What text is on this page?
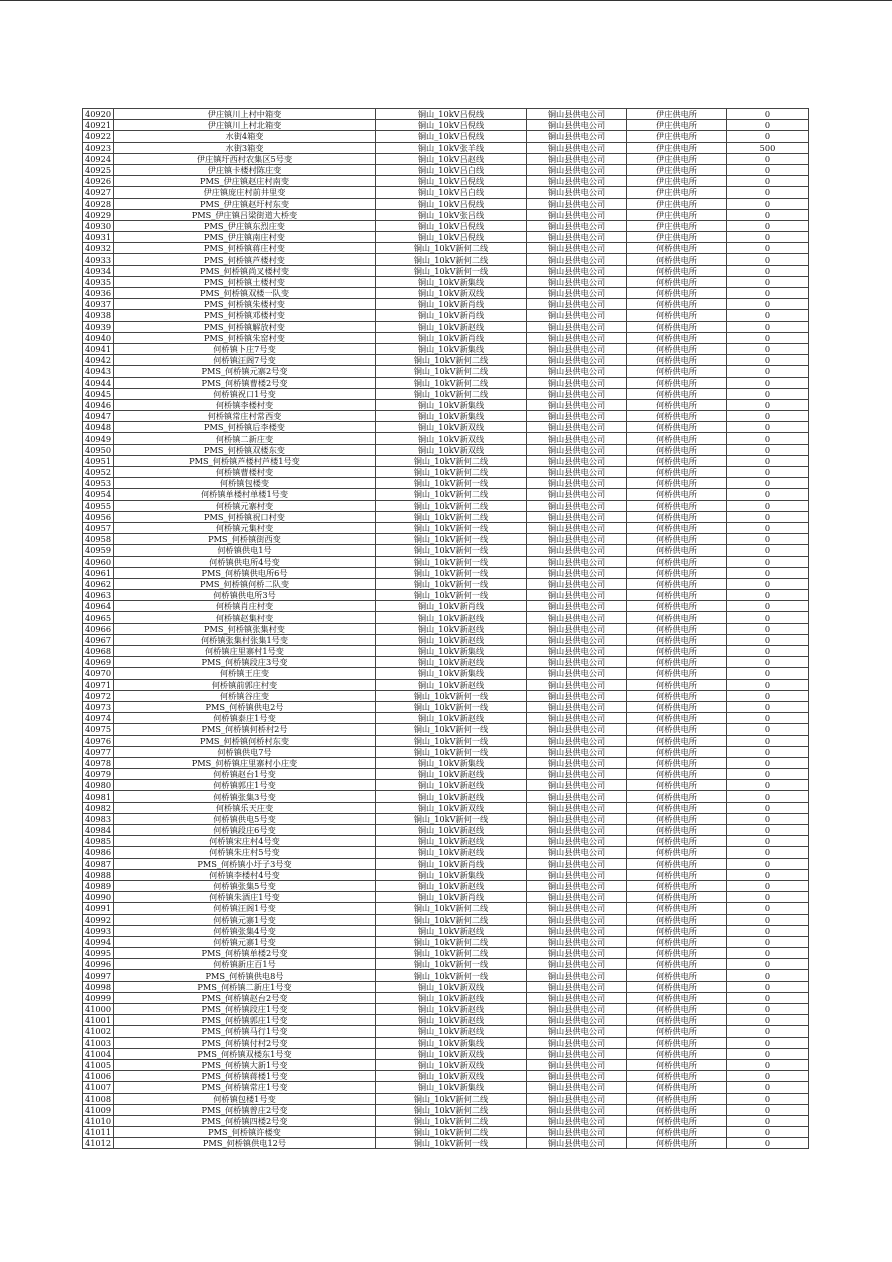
40920	伊庄镇川上村中箱变	铜山_10kV吕倪线	铜山县供电公司	伊庄供电所	0
40921	伊庄镇川上村北箱变	铜山_10kV吕倪线	铜山县供电公司	伊庄供电所	0
40922	水街4箱变	铜山_10kV吕倪线	铜山县供电公司	伊庄供电所	0
40923	水街3箱变	铜山_10kV张羊线	铜山县供电公司	伊庄供电所	500
40924	伊庄镇圩西村农集区5号变	铜山_10kV吕赵线	铜山县供电公司	伊庄供电所	0
40925	伊庄镇卡楼村陈庄变	铜山_10kV吕白线	铜山县供电公司	伊庄供电所	0
40926	PMS_伊庄镇赵庄村南变	铜山_10kV吕倪线	铜山县供电公司	伊庄供电所	0
40927	伊庄镇庞庄村前井里变	铜山_10kV吕白线	铜山县供电公司	伊庄供电所	0
40928	PMS_伊庄镇赵圩村东变	铜山_10kV吕倪线	铜山县供电公司	伊庄供电所	0
40929	PMS_伊庄镇吕梁街道大桥变	铜山_10kV张吕线	铜山县供电公司	伊庄供电所	0
40930	PMS_伊庄镇东烈庄变	铜山_10kV吕倪线	铜山县供电公司	伊庄供电所	0
40931	PMS_伊庄镇南庄村变	铜山_10kV吕倪线	铜山县供电公司	伊庄供电所	0
40932	PMS_何桥镇蒋庄村变	铜山_10kV新何二线	铜山县供电公司	何桥供电所	0
40933	PMS_何桥镇芦楼村变	铜山_10kV新何二线	铜山县供电公司	何桥供电所	0
40934	PMS_何桥镇尚叉楼村变	铜山_10kV新何一线	铜山县供电公司	何桥供电所	0
40935	PMS_何桥镇土楼村变	铜山_10kV新集线	铜山县供电公司	何桥供电所	0
40936	PMS_何桥镇双楼一队变	铜山_10kV新双线	铜山县供电公司	何桥供电所	0
40937	PMS_何桥镇朱楼村变	铜山_10kV新肖线	铜山县供电公司	何桥供电所	0
40938	PMS_何桥镇邓楼村变	铜山_10kV新肖线	铜山县供电公司	何桥供电所	0
40939	PMS_何桥镇解放村变	铜山_10kV新赵线	铜山县供电公司	何桥供电所	0
40940	PMS_何桥镇朱窑村变	铜山_10kV新肖线	铜山县供电公司	何桥供电所	0
40941	何桥镇卜庄7号变	铜山_10kV新集线	铜山县供电公司	何桥供电所	0
40942	何桥镇汪阁7号变	铜山_10kV新何二线	铜山县供电公司	何桥供电所	0
40943	PMS_何桥镇元寨2号变	铜山_10kV新何二线	铜山县供电公司	何桥供电所	0
40944	PMS_何桥镇曹楼2号变	铜山_10kV新何二线	铜山县供电公司	何桥供电所	0
40945	何桥镇祝口1号变	铜山_10kV新何二线	铜山县供电公司	何桥供电所	0
40946	何桥镇李楼村变	铜山_10kV新集线	铜山县供电公司	何桥供电所	0
40947	何桥镇常庄村常西变	铜山_10kV新集线	铜山县供电公司	何桥供电所	0
40948	PMS_何桥镇后李楼变	铜山_10kV新双线	铜山县供电公司	何桥供电所	0
40949	何桥镇二新庄变	铜山_10kV新双线	铜山县供电公司	何桥供电所	0
40950	PMS_何桥镇双楼东变	铜山_10kV新双线	铜山县供电公司	何桥供电所	0
40951	PMS_何桥镇芦楼村芦楼1号变	铜山_10kV新何二线	铜山县供电公司	何桥供电所	0
40952	何桥镇曹楼村变	铜山_10kV新何二线	铜山县供电公司	何桥供电所	0
40953	何桥镇包楼变	铜山_10kV新何一线	铜山县供电公司	何桥供电所	0
40954	何桥镇单楼村单楼1号变	铜山_10kV新何二线	铜山县供电公司	何桥供电所	0
40955	何桥镇元寨村变	铜山_10kV新何二线	铜山县供电公司	何桥供电所	0
40956	PMS_何桥镇祝口村变	铜山_10kV新何二线	铜山县供电公司	何桥供电所	0
40957	何桥镇元集村变	铜山_10kV新何一线	铜山县供电公司	何桥供电所	0
40958	PMS_何桥镇街西变	铜山_10kV新何一线	铜山县供电公司	何桥供电所	0
40959	何桥镇供电1号	铜山_10kV新何一线	铜山县供电公司	何桥供电所	0
40960	何桥镇供电所4号变	铜山_10kV新何一线	铜山县供电公司	何桥供电所	0
40961	PMS_何桥镇供电所6号	铜山_10kV新何一线	铜山县供电公司	何桥供电所	0
40962	PMS_何桥镇何桥二队变	铜山_10kV新何一线	铜山县供电公司	何桥供电所	0
40963	何桥镇供电所3号	铜山_10kV新何一线	铜山县供电公司	何桥供电所	0
40964	何桥镇肖庄村变	铜山_10kV新肖线	铜山县供电公司	何桥供电所	0
40965	何桥镇赵集村变	铜山_10kV新赵线	铜山县供电公司	何桥供电所	0
40966	PMS_何桥镇张集村变	铜山_10kV新赵线	铜山县供电公司	何桥供电所	0
40967	何桥镇张集村张集1号变	铜山_10kV新赵线	铜山县供电公司	何桥供电所	0
40968	何桥镇庄里寨村1号变	铜山_10kV新集线	铜山县供电公司	何桥供电所	0
40969	PMS_何桥镇段庄3号变	铜山_10kV新赵线	铜山县供电公司	何桥供电所	0
40970	何桥镇王庄变	铜山_10kV新集线	铜山县供电公司	何桥供电所	0
40971	何桥镇前郭庄村变	铜山_10kV新赵线	铜山县供电公司	何桥供电所	0
40972	何桥镇谷庄变	铜山_10kV新何一线	铜山县供电公司	何桥供电所	0
40973	PMS_何桥镇供电2号	铜山_10kV新何一线	铜山县供电公司	何桥供电所	0
40974	何桥镇泰庄1号变	铜山_10kV新赵线	铜山县供电公司	何桥供电所	0
40975	PMS_何桥镇何桥村2号	铜山_10kV新何一线	铜山县供电公司	何桥供电所	0
40976	PMS_何桥镇何桥村东变	铜山_10kV新何一线	铜山县供电公司	何桥供电所	0
40977	何桥镇供电7号	铜山_10kV新何一线	铜山县供电公司	何桥供电所	0
40978	PMS_何桥镇庄里寨村小庄变	铜山_10kV新集线	铜山县供电公司	何桥供电所	0
40979	何桥镇赵台1号变	铜山_10kV新赵线	铜山县供电公司	何桥供电所	0
40980	何桥镇郭庄1号变	铜山_10kV新赵线	铜山县供电公司	何桥供电所	0
40981	何桥镇张集3号变	铜山_10kV新赵线	铜山县供电公司	何桥供电所	0
40982	何桥镇乐天庄变	铜山_10kV新双线	铜山县供电公司	何桥供电所	0
40983	何桥镇供电5号变	铜山_10kV新何一线	铜山县供电公司	何桥供电所	0
40984	何桥镇段庄6号变	铜山_10kV新赵线	铜山县供电公司	何桥供电所	0
40985	何桥镇宋庄村4号变	铜山_10kV新赵线	铜山县供电公司	何桥供电所	0
40986	何桥镇朱庄村5号变	铜山_10kV新赵线	铜山县供电公司	何桥供电所	0
40987	PMS_何桥镇小圩子3号变	铜山_10kV新肖线	铜山县供电公司	何桥供电所	0
40988	何桥镇李楼村4号变	铜山_10kV新集线	铜山县供电公司	何桥供电所	0
40989	何桥镇张集5号变	铜山_10kV新赵线	铜山县供电公司	何桥供电所	0
40990	何桥镇朱酒庄1号变	铜山_10kV新肖线	铜山县供电公司	何桥供电所	0
40991	何桥镇汪阁1号变	铜山_10kV新何二线	铜山县供电公司	何桥供电所	0
40992	何桥镇元寨1号变	铜山_10kV新何二线	铜山县供电公司	何桥供电所	0
40993	何桥镇张集4号变	铜山_10kV新赵线	铜山县供电公司	何桥供电所	0
40994	何桥镇元寨1号变	铜山_10kV新何二线	铜山县供电公司	何桥供电所	0
40995	PMS_何桥镇单楼2号变	铜山_10kV新何二线	铜山县供电公司	何桥供电所	0
40996	何桥镇新庄百1号	铜山_10kV新何一线	铜山县供电公司	何桥供电所	0
40997	PMS_何桥镇供电8号	铜山_10kV新何一线	铜山县供电公司	何桥供电所	0
40998	PMS_何桥镇二新庄1号变	铜山_10kV新双线	铜山县供电公司	何桥供电所	0
40999	PMS_何桥镇赵台2号变	铜山_10kV新赵线	铜山县供电公司	何桥供电所	0
41000	PMS_何桥镇段庄1号变	铜山_10kV新赵线	铜山县供电公司	何桥供电所	0
41001	PMS_何桥镇郭庄1号变	铜山_10kV新赵线	铜山县供电公司	何桥供电所	0
41002	PMS_何桥镇马行1号变	铜山_10kV新赵线	铜山县供电公司	何桥供电所	0
41003	PMS_何桥镇付村2号变	铜山_10kV新集线	铜山县供电公司	何桥供电所	0
41004	PMS_何桥镇双楼东1号变	铜山_10kV新双线	铜山县供电公司	何桥供电所	0
41005	PMS_何桥镇大新1号变	铜山_10kV新双线	铜山县供电公司	何桥供电所	0
41006	PMS_何桥镇蒋楼1号变	铜山_10kV新双线	铜山县供电公司	何桥供电所	0
41007	PMS_何桥镇常庄1号变	铜山_10kV新集线	铜山县供电公司	何桥供电所	0
41008	何桥镇包楼1号变	铜山_10kV新何二线	铜山县供电公司	何桥供电所	0
41009	PMS_何桥镇曾庄2号变	铜山_10kV新何二线	铜山县供电公司	何桥供电所	0
41010	PMS_何桥镇四楼2号变	铜山_10kV新何二线	铜山县供电公司	何桥供电所	0
41011	PMS_何桥镇许楼变	铜山_10kV新何二线	铜山县供电公司	何桥供电所	0
41012	PMS_何桥镇供电12号	铜山_10kV新何一线	铜山县供电公司	何桥供电所	0
